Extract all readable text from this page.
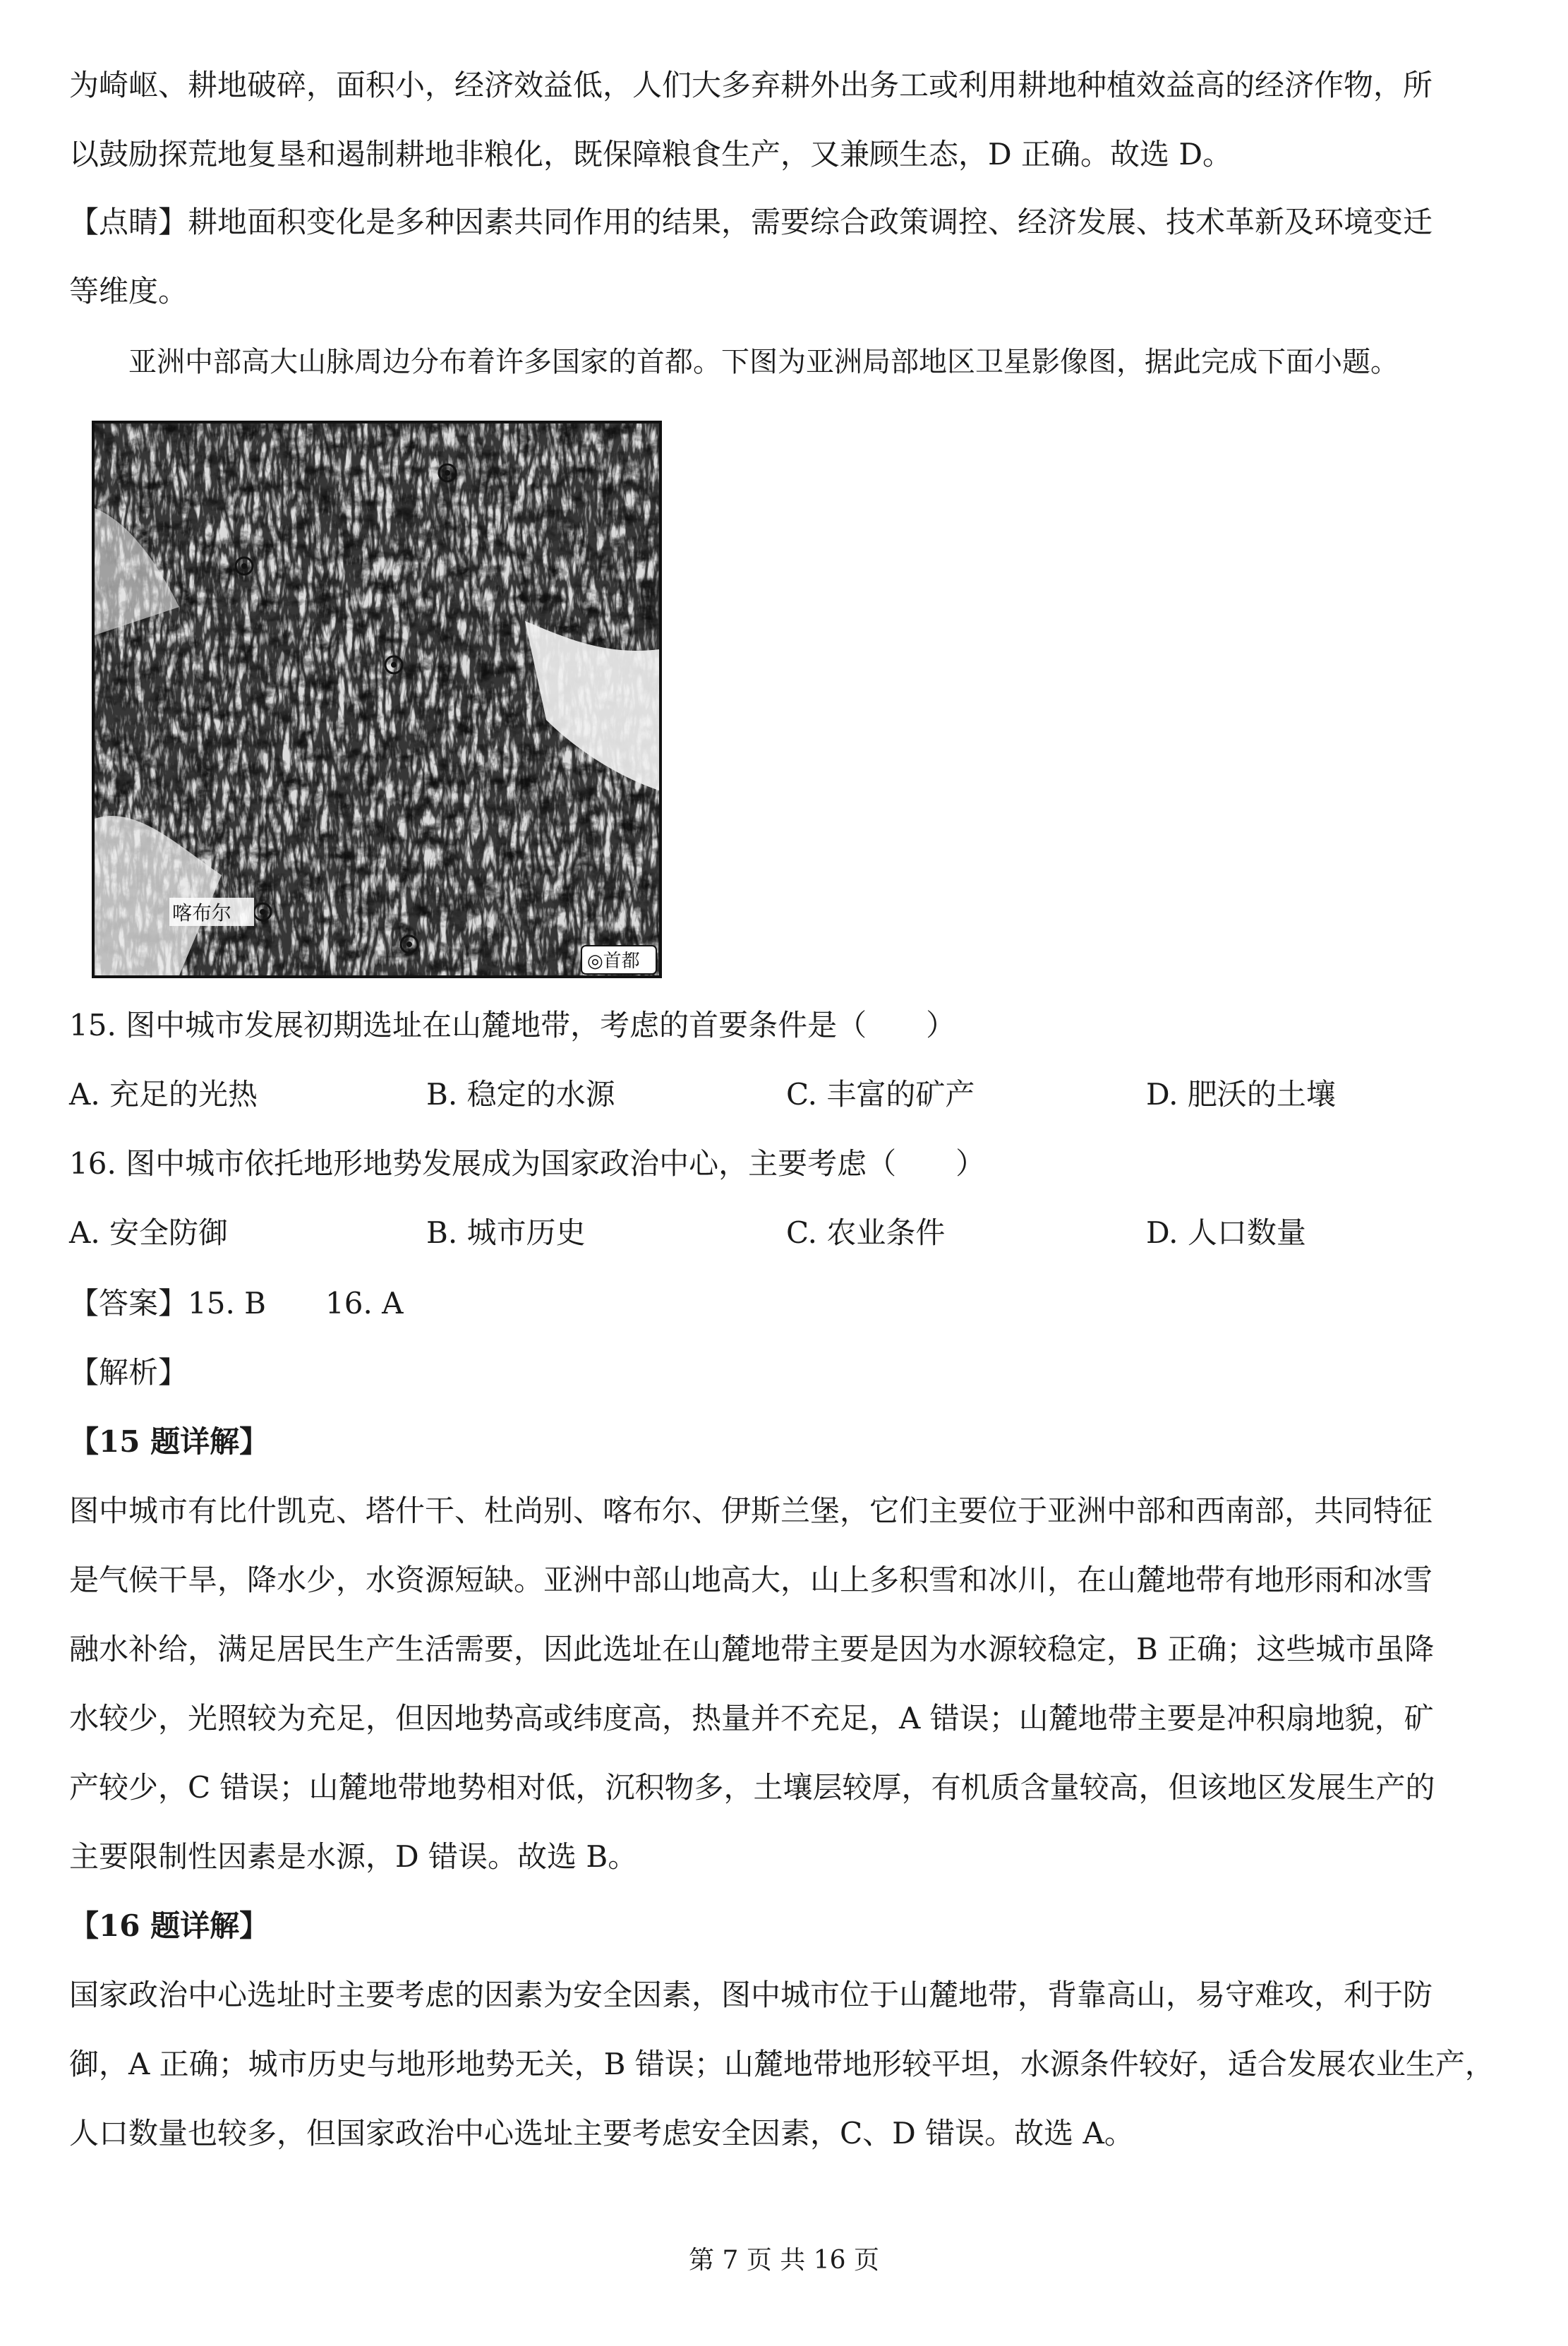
为崎岖、耕地破碎，面积小，经济效益低，人们大多弃耕外出务工或利用耕地种植效益高的经济作物，所
以鼓励探荒地复垦和遏制耕地非粮化，既保障粮食生产，又兼顾生态，D 正确。故选 D。
【点睛】耕地面积变化是多种因素共同作用的结果，需要综合政策调控、经济发展、技术革新及环境变迁
等维度。
亚洲中部高大山脉周边分布着许多国家的首都。下图为亚洲局部地区卫星影像图，据此完成下面小题。
喀布尔
◎首都
15. 图中城市发展初期选址在山麓地带，考虑的首要条件是（　　）
A. 充足的光热	B. 稳定的水源	C. 丰富的矿产	D. 肥沃的土壤
16. 图中城市依托地形地势发展成为国家政治中心，主要考虑（　　）
A. 安全防御	B. 城市历史	C. 农业条件	D. 人口数量
【答案】15. B　　16. A
【解析】
【15 题详解】
图中城市有比什凯克、塔什干、杜尚别、喀布尔、伊斯兰堡，它们主要位于亚洲中部和西南部，共同特征
是气候干旱，降水少，水资源短缺。亚洲中部山地高大，山上多积雪和冰川，在山麓地带有地形雨和冰雪
融水补给，满足居民生产生活需要，因此选址在山麓地带主要是因为水源较稳定，B 正确；这些城市虽降
水较少，光照较为充足，但因地势高或纬度高，热量并不充足，A 错误；山麓地带主要是冲积扇地貌，矿
产较少，C 错误；山麓地带地势相对低，沉积物多，土壤层较厚，有机质含量较高，但该地区发展生产的
主要限制性因素是水源，D 错误。故选 B。
【16 题详解】
国家政治中心选址时主要考虑的因素为安全因素，图中城市位于山麓地带，背靠高山，易守难攻，利于防
御，A 正确；城市历史与地形地势无关，B 错误；山麓地带地形较平坦，水源条件较好，适合发展农业生产，
人口数量也较多，但国家政治中心选址主要考虑安全因素，C、D 错误。故选 A。
第 7 页 共 16 页
